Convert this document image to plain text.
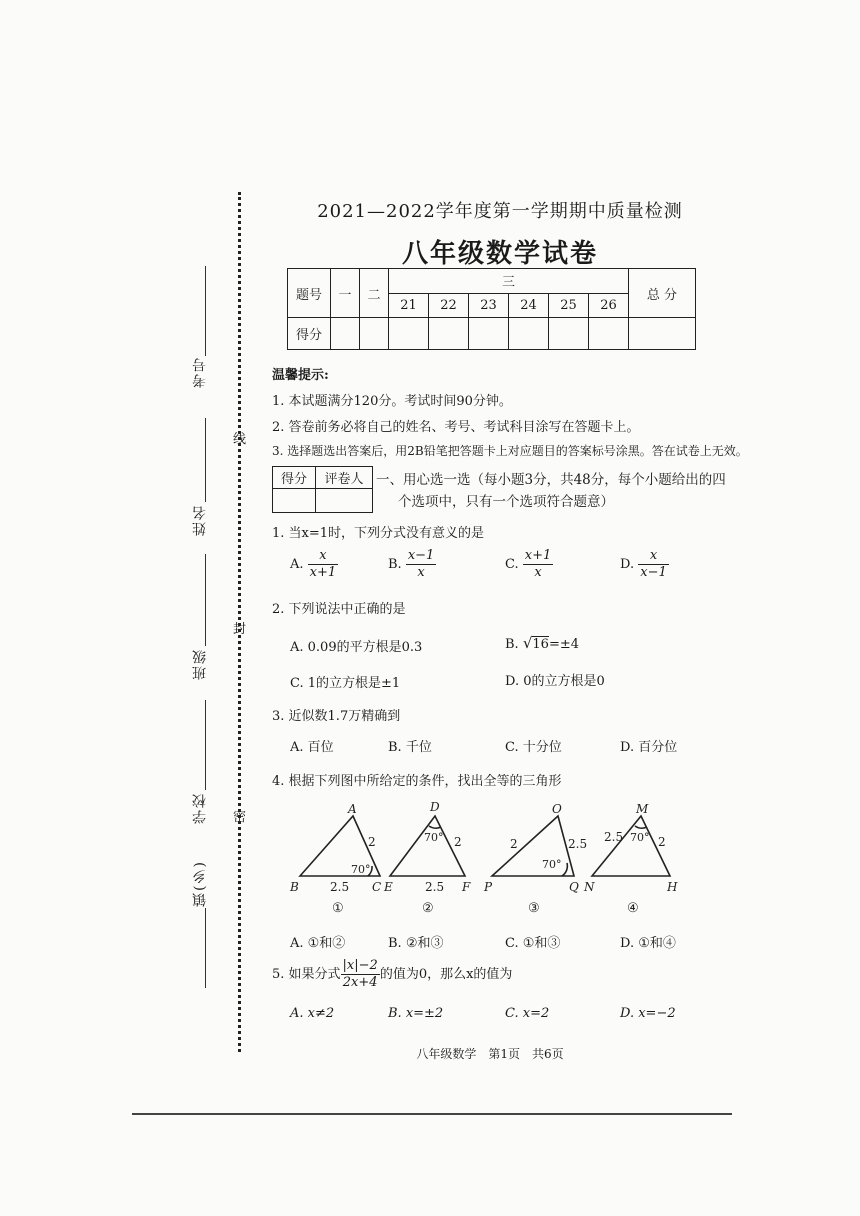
线
封
密
考号
姓名
班级
学校
镇(乡)
2021—2022学年度第一学期期中质量检测
八年级数学试卷
题号	一	二	三						总 分
			21	22	23	24	25	26	
得分									
温馨提示:
1. 本试题满分120分。考试时间90分钟。
2. 答卷前务必将自己的姓名、考号、考试科目涂写在答题卡上。
3. 选择题选出答案后，用2B铅笔把答题卡上对应题目的答案标号涂黑。答在试卷上无效。
得分	评卷人
	一、用心选一选（每小题3分，共48分，每个小题给出的四
个选项中，只有一个选项符合题意）
1. 当x=1时，下列分式没有意义的是
A. $\frac{x}{x+1}$	B. $\frac{x-1}{x}$	C. $\frac{x+1}{x}$	D. $\frac{x}{x-1}$
2. 下列说法中正确的是
A. 0.09的平方根是0.3	B. √16=±4
C. 1的立方根是±1	D. 0的立方根是0
3. 近似数1.7万精确到
A. 百位	B. 千位	C. 十分位	D. 百分位
4. 根据下列图中所给定的条件，找出全等的三角形
A
B	C
2.5
2
70°
①
D
E	F
2.5
2
70°
②
O
P	Q
2	2.5
70°
③
M
N	H
2.5	2
70°
④
A. ①和②	B. ②和③	C. ①和③	D. ①和④
5. 如果分式 $\frac{|x|-2}{2x+4}$ 的值为0，那么x的值为
A. x≠2	B. x=±2	C. x=2	D. x=−2
八年级数学　第1页　共6页
